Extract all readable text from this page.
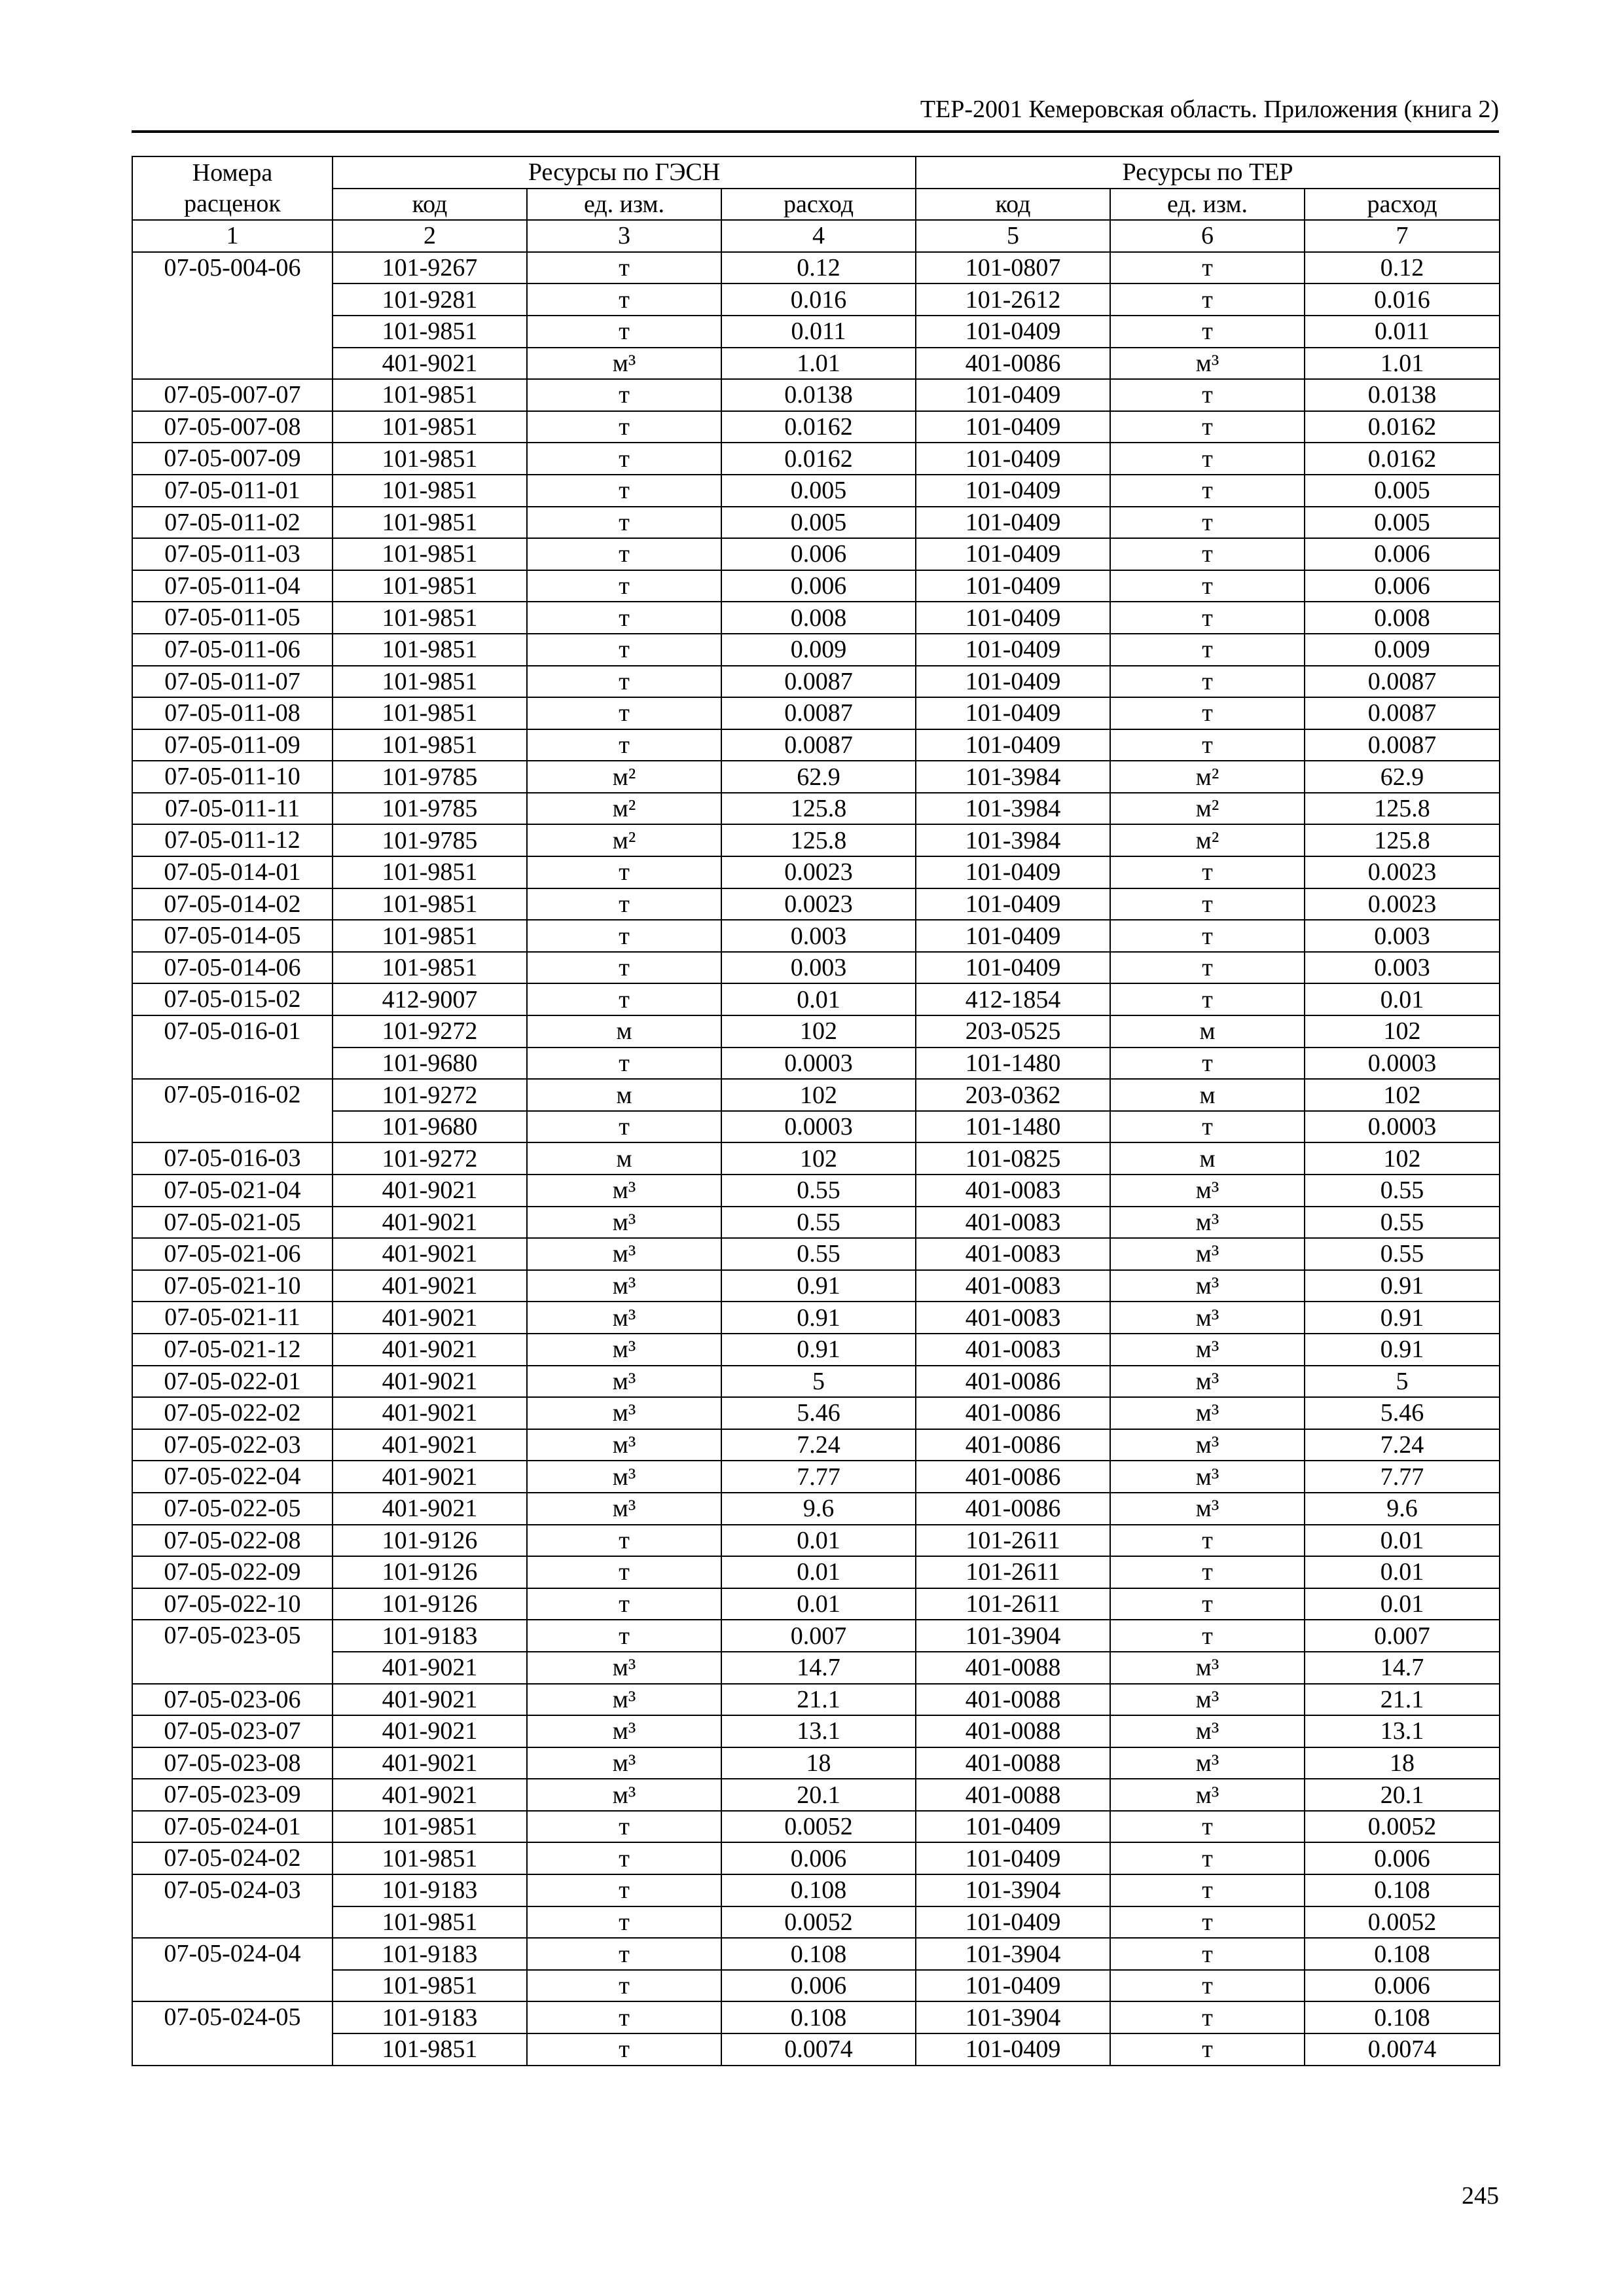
ТЕР-2001 Кемеровская область. Приложения (книга 2)
Номера	Ресурсы по ГЭСН			Ресурсы по ТЕР		
расценок	код	ед. изм.	расход	код	ед. изм.	расход
1	2	3	4	5	6	7
07-05-004-06	101-9267	т	0.12	101-0807	т	0.12
	101-9281	т	0.016	101-2612	т	0.016
	101-9851	т	0.011	101-0409	т	0.011
	401-9021	м³	1.01	401-0086	м³	1.01
07-05-007-07	101-9851	т	0.0138	101-0409	т	0.0138
07-05-007-08	101-9851	т	0.0162	101-0409	т	0.0162
07-05-007-09	101-9851	т	0.0162	101-0409	т	0.0162
07-05-011-01	101-9851	т	0.005	101-0409	т	0.005
07-05-011-02	101-9851	т	0.005	101-0409	т	0.005
07-05-011-03	101-9851	т	0.006	101-0409	т	0.006
07-05-011-04	101-9851	т	0.006	101-0409	т	0.006
07-05-011-05	101-9851	т	0.008	101-0409	т	0.008
07-05-011-06	101-9851	т	0.009	101-0409	т	0.009
07-05-011-07	101-9851	т	0.0087	101-0409	т	0.0087
07-05-011-08	101-9851	т	0.0087	101-0409	т	0.0087
07-05-011-09	101-9851	т	0.0087	101-0409	т	0.0087
07-05-011-10	101-9785	м²	62.9	101-3984	м²	62.9
07-05-011-11	101-9785	м²	125.8	101-3984	м²	125.8
07-05-011-12	101-9785	м²	125.8	101-3984	м²	125.8
07-05-014-01	101-9851	т	0.0023	101-0409	т	0.0023
07-05-014-02	101-9851	т	0.0023	101-0409	т	0.0023
07-05-014-05	101-9851	т	0.003	101-0409	т	0.003
07-05-014-06	101-9851	т	0.003	101-0409	т	0.003
07-05-015-02	412-9007	т	0.01	412-1854	т	0.01
07-05-016-01	101-9272	м	102	203-0525	м	102
	101-9680	т	0.0003	101-1480	т	0.0003
07-05-016-02	101-9272	м	102	203-0362	м	102
	101-9680	т	0.0003	101-1480	т	0.0003
07-05-016-03	101-9272	м	102	101-0825	м	102
07-05-021-04	401-9021	м³	0.55	401-0083	м³	0.55
07-05-021-05	401-9021	м³	0.55	401-0083	м³	0.55
07-05-021-06	401-9021	м³	0.55	401-0083	м³	0.55
07-05-021-10	401-9021	м³	0.91	401-0083	м³	0.91
07-05-021-11	401-9021	м³	0.91	401-0083	м³	0.91
07-05-021-12	401-9021	м³	0.91	401-0083	м³	0.91
07-05-022-01	401-9021	м³	5	401-0086	м³	5
07-05-022-02	401-9021	м³	5.46	401-0086	м³	5.46
07-05-022-03	401-9021	м³	7.24	401-0086	м³	7.24
07-05-022-04	401-9021	м³	7.77	401-0086	м³	7.77
07-05-022-05	401-9021	м³	9.6	401-0086	м³	9.6
07-05-022-08	101-9126	т	0.01	101-2611	т	0.01
07-05-022-09	101-9126	т	0.01	101-2611	т	0.01
07-05-022-10	101-9126	т	0.01	101-2611	т	0.01
07-05-023-05	101-9183	т	0.007	101-3904	т	0.007
	401-9021	м³	14.7	401-0088	м³	14.7
07-05-023-06	401-9021	м³	21.1	401-0088	м³	21.1
07-05-023-07	401-9021	м³	13.1	401-0088	м³	13.1
07-05-023-08	401-9021	м³	18	401-0088	м³	18
07-05-023-09	401-9021	м³	20.1	401-0088	м³	20.1
07-05-024-01	101-9851	т	0.0052	101-0409	т	0.0052
07-05-024-02	101-9851	т	0.006	101-0409	т	0.006
07-05-024-03	101-9183	т	0.108	101-3904	т	0.108
	101-9851	т	0.0052	101-0409	т	0.0052
07-05-024-04	101-9183	т	0.108	101-3904	т	0.108
	101-9851	т	0.006	101-0409	т	0.006
07-05-024-05	101-9183	т	0.108	101-3904	т	0.108
	101-9851	т	0.0074	101-0409	т	0.0074
245
